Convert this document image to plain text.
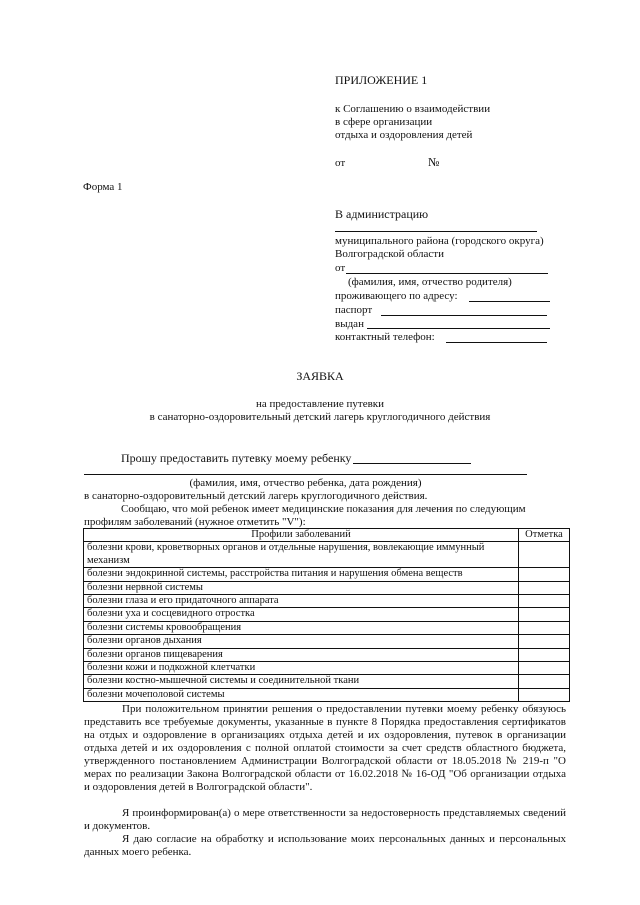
ПРИЛОЖЕНИЕ 1
к Соглашению о взаимодействии
в сфере организации
отдыха и оздоровления детей
от	№
Форма 1
В администрацию
муниципального района (городского округа)
Волгоградской области
от
(фамилия, имя, отчество родителя)
проживающего по адресу:
паспорт
выдан
контактный телефон:
ЗАЯВКА
на предоставление путевки
в санаторно-оздоровительный детский лагерь круглогодичного действия
Прошу предоставить путевку моему ребенку
(фамилия, имя, отчество ребенка, дата рождения)
в санаторно-оздоровительный детский лагерь круглогодичного действия.
Сообщаю, что мой ребенок имеет медицинские показания для лечения по следующим
профилям заболеваний (нужное отметить "V"):
Профили заболеваний	Отметка
болезни крови, кроветворных органов и отдельные нарушения, вовлекающие иммунный механизм	
болезни эндокринной системы, расстройства питания и нарушения обмена веществ	
болезни нервной системы	
болезни глаза и его придаточного аппарата	
болезни уха и сосцевидного отростка	
болезни системы кровообращения	
болезни органов дыхания	
болезни органов пищеварения	
болезни кожи и подкожной клетчатки	
болезни костно-мышечной системы и соединительной ткани	
болезни мочеполовой системы	
При положительном принятии решения о предоставлении путевки моему ребенку обязуюсь представить все требуемые документы, указанные в пункте 8 Порядка предоставления сертификатов на отдых и оздоровление в организациях отдыха детей и их оздоровления, путевок в организации отдыха детей и их оздоровления с полной оплатой стоимости за счет средств областного бюджета, утвержденного постановлением Администрации Волгоградской области от 18.05.2018 № 219-п "О мерах по реализации Закона Волгоградской области от 16.02.2018 № 16-ОД "Об организации отдыха и оздоровления детей в Волгоградской области".
Я проинформирован(а) о мере ответственности за недостоверность представляемых сведений и документов.
Я даю согласие на обработку и использование моих персональных данных и персональных данных моего ребенка.
